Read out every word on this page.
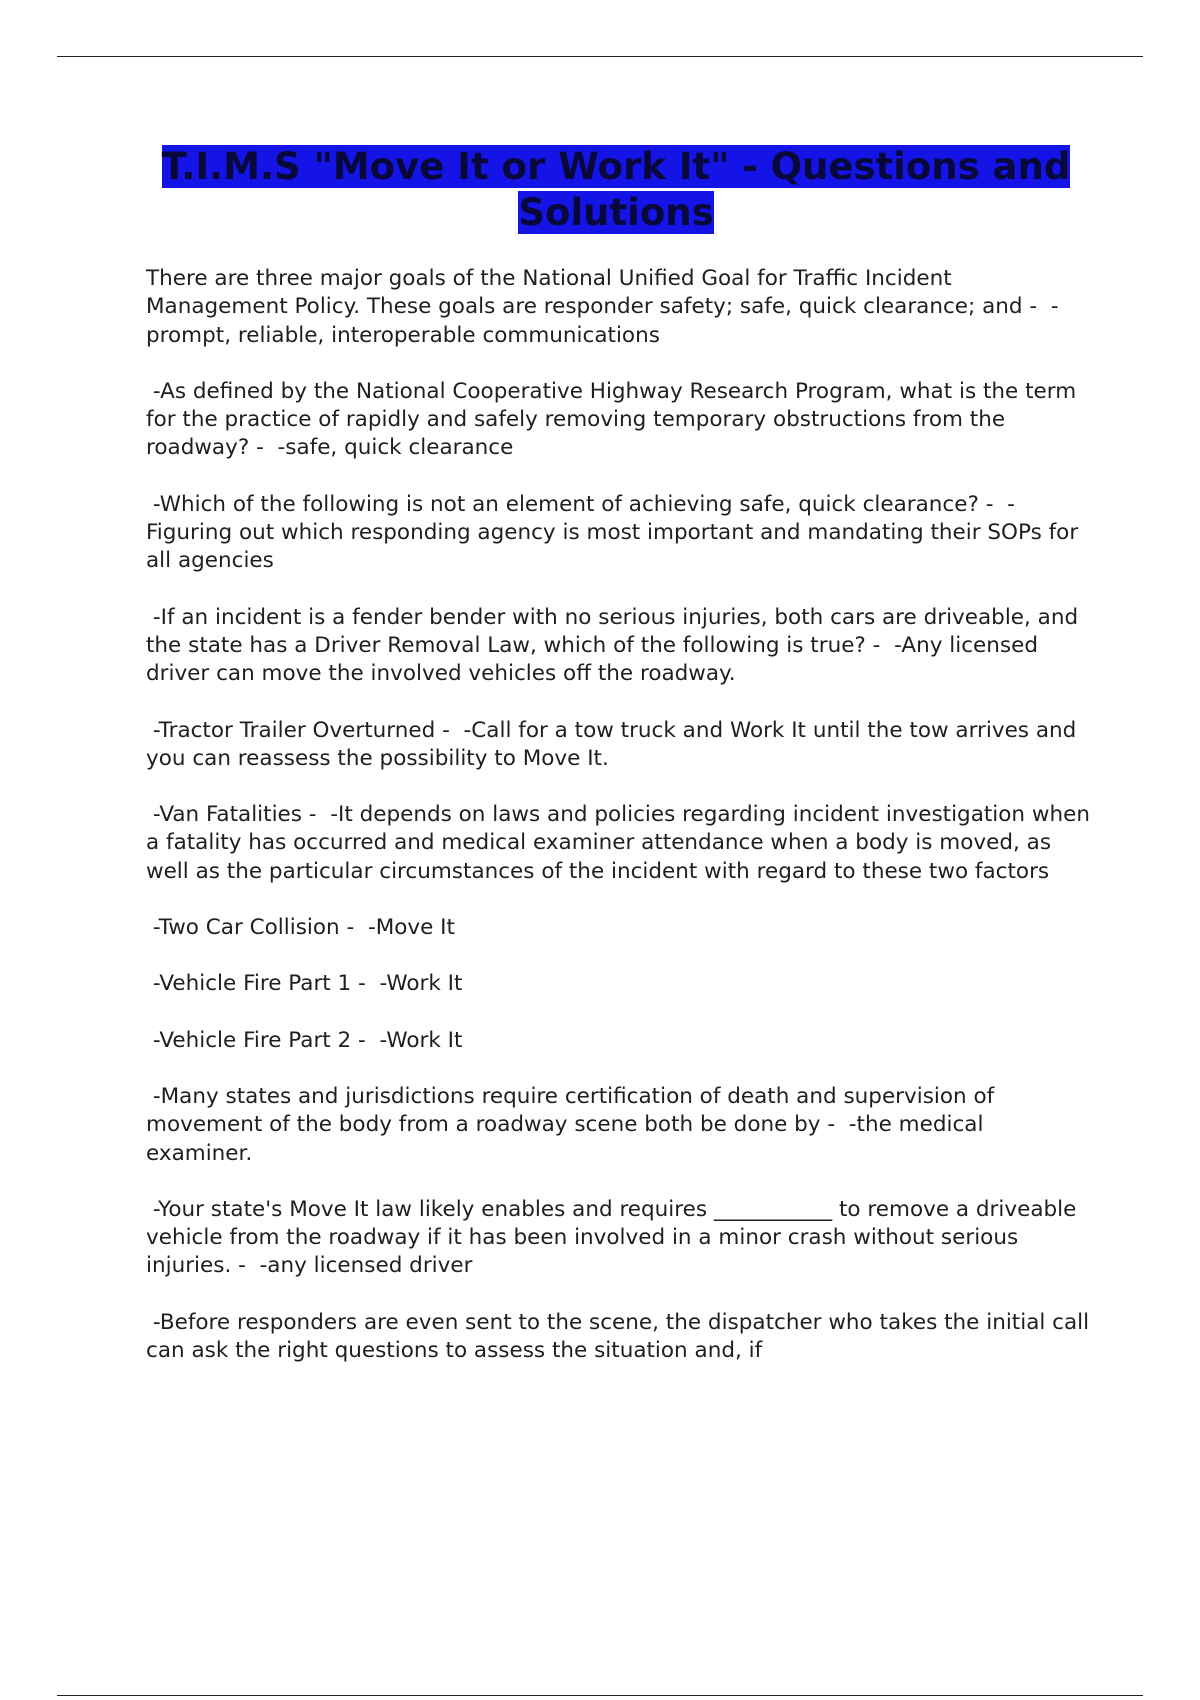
T.I.M.S "Move It or Work It" - Questions and Solutions

There are three major goals of the National Unified Goal for Traffic Incident Management Policy. These goals are responder safety; safe, quick clearance; and -  -prompt, reliable, interoperable communications

-As defined by the National Cooperative Highway Research Program, what is the term for the practice of rapidly and safely removing temporary obstructions from the roadway? -  -safe, quick clearance

-Which of the following is not an element of achieving safe, quick clearance? -  -Figuring out which responding agency is most important and mandating their SOPs for all agencies

-If an incident is a fender bender with no serious injuries, both cars are driveable, and the state has a Driver Removal Law, which of the following is true? -  -Any licensed driver can move the involved vehicles off the roadway.

-Tractor Trailer Overturned -  -Call for a tow truck and Work It until the tow arrives and you can reassess the possibility to Move It.

-Van Fatalities -  -It depends on laws and policies regarding incident investigation when a fatality has occurred and medical examiner attendance when a body is moved, as well as the particular circumstances of the incident with regard to these two factors

-Two Car Collision -  -Move It

-Vehicle Fire Part 1 -  -Work It

-Vehicle Fire Part 2 -  -Work It

-Many states and jurisdictions require certification of death and supervision of movement of the body from a roadway scene both be done by -  -the medical examiner.

-Your state's Move It law likely enables and requires ___________ to remove a driveable vehicle from the roadway if it has been involved in a minor crash without serious injuries. -  -any licensed driver

-Before responders are even sent to the scene, the dispatcher who takes the initial call can ask the right questions to assess the situation and, if
